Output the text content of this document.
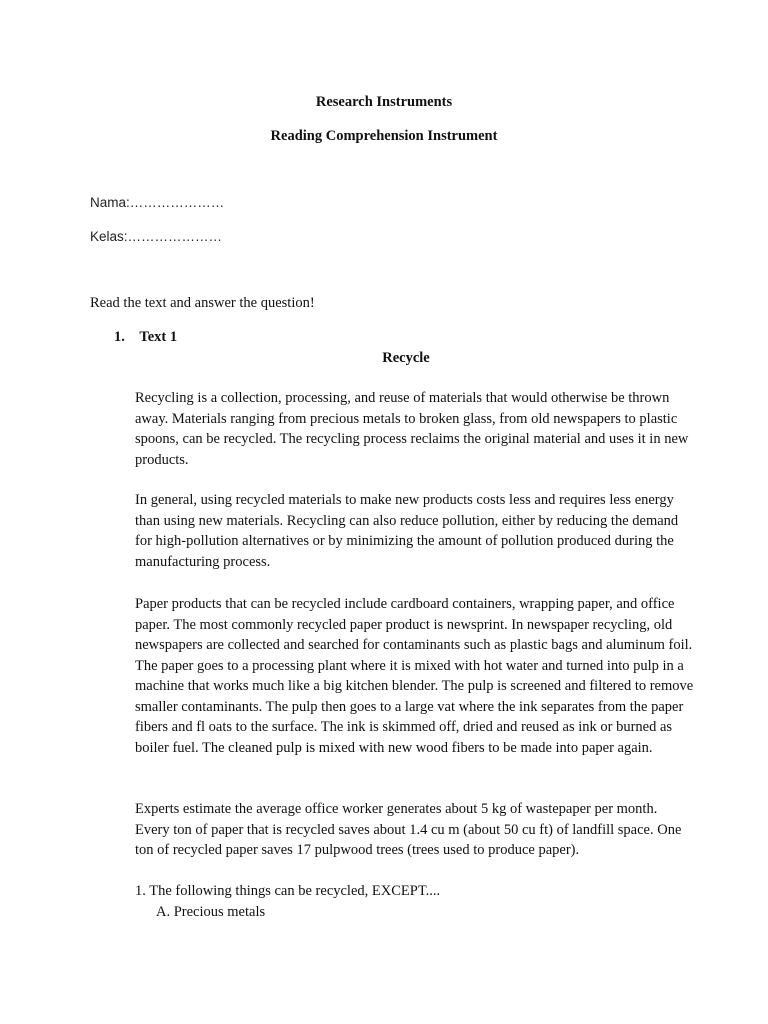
Research Instruments
Reading Comprehension Instrument
Nama:…………………
Kelas:…………………
Read the text and answer the question!
1. Text 1
Recycle

Recycling is a collection, processing, and reuse of materials that would otherwise be thrown away. Materials ranging from precious metals to broken glass, from old newspapers to plastic spoons, can be recycled. The recycling process reclaims the original material and uses it in new products.

In general, using recycled materials to make new products costs less and requires less energy than using new materials. Recycling can also reduce pollution, either by reducing the demand for high-pollution alternatives or by minimizing the amount of pollution produced during the manufacturing process.

Paper products that can be recycled include cardboard containers, wrapping paper, and office paper. The most commonly recycled paper product is newsprint. In newspaper recycling, old newspapers are collected and searched for contaminants such as plastic bags and aluminum foil. The paper goes to a processing plant where it is mixed with hot water and turned into pulp in a machine that works much like a big kitchen blender. The pulp is screened and filtered to remove smaller contaminants. The pulp then goes to a large vat where the ink separates from the paper fibers and fl oats to the surface. The ink is skimmed off, dried and reused as ink or burned as boiler fuel. The cleaned pulp is mixed with new wood fibers to be made into paper again.

Experts estimate the average office worker generates about 5 kg of wastepaper per month. Every ton of paper that is recycled saves about 1.4 cu m (about 50 cu ft) of landfill space. One ton of recycled paper saves 17 pulpwood trees (trees used to produce paper).

1. The following things can be recycled, EXCEPT....
A. Precious metals
